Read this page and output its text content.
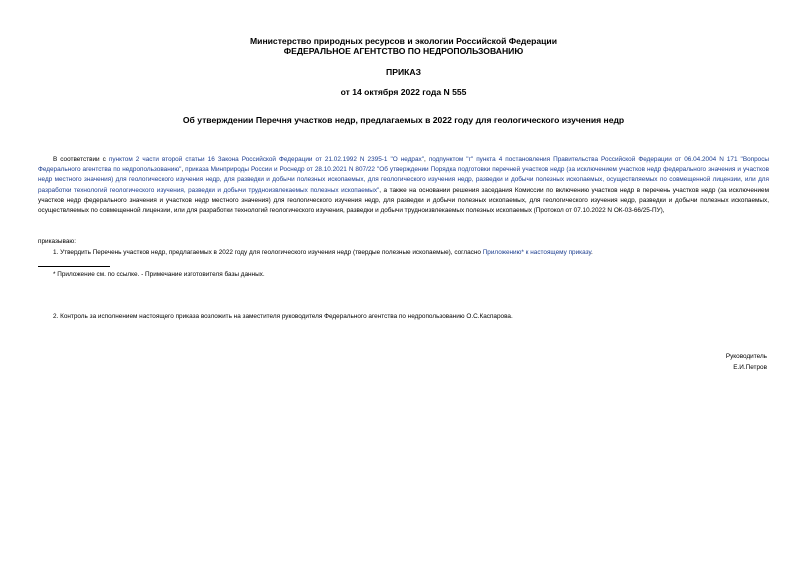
Министерство природных ресурсов и экологии Российской Федерации
ФЕДЕРАЛЬНОЕ АГЕНТСТВО ПО НЕДРОПОЛЬЗОВАНИЮ
ПРИКАЗ
от 14 октября 2022 года N 555
Об утверждении Перечня участков недр, предлагаемых в 2022 году для геологического изучения недр
В соответствии с пунктом 2 части второй статьи 16 Закона Российской Федерации от 21.02.1992 N 2395-1 "О недрах", подпунктом "г" пункта 4 постановления Правительства Российской Федерации от 06.04.2004 N 171 "Вопросы Федерального агентства по недропользованию", приказа Минприроды России и Роснедр от 28.10.2021 N 807/22 "Об утверждении Порядка подготовки перечней участков недр (за исключением участков недр федерального значения и участков недр местного значения) для геологического изучения недр, для разведки и добычи полезных ископаемых, для геологического изучения недр, разведки и добычи полезных ископаемых, осуществляемых по совмещенной лицензии, или для разработки технологий геологического изучения, разведки и добычи трудноизвлекаемых полезных ископаемых", а также на основании решения заседания Комиссии по включению участков недр в перечень участков недр (за исключением участков недр федерального значения и участков недр местного значения) для геологического изучения недр, для разведки и добычи полезных ископаемых, для геологического изучения недр, разведки и добычи полезных ископаемых, осуществляемых по совмещенной лицензии, или для разработки технологий геологического изучения, разведки и добычи трудноизвлекаемых полезных ископаемых (Протокол от 07.10.2022 N ОК-03-66/25-ПУ),
приказываю:
1. Утвердить Перечень участков недр, предлагаемых в 2022 году для геологического изучения недр (твердые полезные ископаемые), согласно Приложению* к настоящему приказу.
* Приложение см. по ссылке. - Примечание изготовителя базы данных.
2. Контроль за исполнением настоящего приказа возложить на заместителя руководителя Федерального агентства по недропользованию О.С.Каспарова.
Руководитель
Е.И.Петров
